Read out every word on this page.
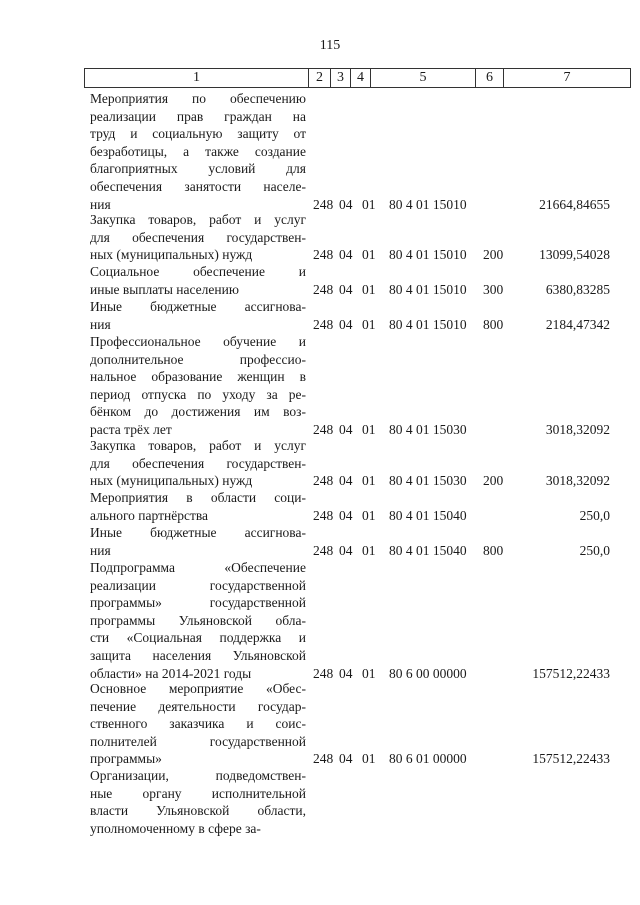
115
1	2	3 4	5	6	7
Мероприятия по обеспечению
реализации прав граждан на
труд и социальную защиту от
безработицы, а также создание
благоприятных условий для
обеспечения занятости населе-
ния	248 04 01 80 4 01 15010	21664,84655
Закупка товаров, работ и услуг
для обеспечения государствен-
ных (муниципальных) нужд	248 04 01 80 4 01 15010 200	13099,54028
Социальное обеспечение и
иные выплаты населению	248 04 01 80 4 01 15010 300	6380,83285
Иные бюджетные ассигнова-
ния	248 04 01 80 4 01 15010 800	2184,47342
Профессиональное обучение и
дополнительное профессио-
нальное образование женщин в
период отпуска по уходу за ре-
бёнком до достижения им воз-
раста трёх лет	248 04 01 80 4 01 15030	3018,32092
Закупка товаров, работ и услуг
для обеспечения государствен-
ных (муниципальных) нужд	248 04 01 80 4 01 15030 200	3018,32092
Мероприятия в области соци-
ального партнёрства	248 04 01 80 4 01 15040	250,0
Иные бюджетные ассигнова-
ния	248 04 01 80 4 01 15040 800	250,0
Подпрограмма «Обеспечение
реализации государственной
программы» государственной
программы Ульяновской обла-
сти «Социальная поддержка и
защита населения Ульяновской
области» на 2014-2021 годы	248 04 01 80 6 00 00000	157512,22433
Основное мероприятие «Обес-
печение деятельности государ-
ственного заказчика и соис-
полнителей государственной
программы»	248 04 01 80 6 01 00000	157512,22433
Организации, подведомствен-
ные органу исполнительной
власти Ульяновской области,
уполномоченному в сфере за-
